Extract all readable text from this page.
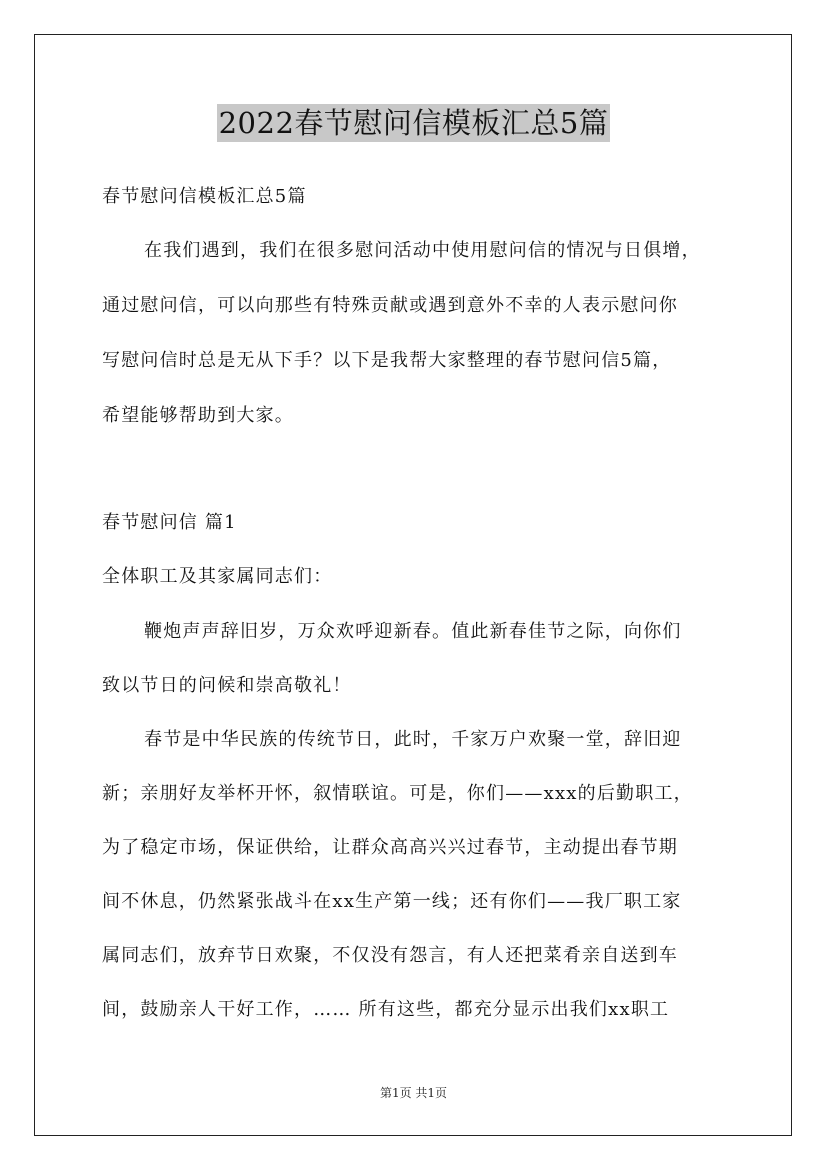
2022春节慰问信模板汇总5篇
春节慰问信模板汇总5篇
在我们遇到，我们在很多慰问活动中使用慰问信的情况与日俱增，
通过慰问信，可以向那些有特殊贡献或遇到意外不幸的人表示慰问你
写慰问信时总是无从下手？以下是我帮大家整理的春节慰问信5篇，
希望能够帮助到大家。
春节慰问信 篇1
全体职工及其家属同志们：
鞭炮声声辞旧岁，万众欢呼迎新春。值此新春佳节之际，向你们
致以节日的问候和崇高敬礼！
春节是中华民族的传统节日，此时，千家万户欢聚一堂，辞旧迎
新；亲朋好友举杯开怀，叙情联谊。可是，你们——xxx的后勤职工，
为了稳定市场，保证供给，让群众高高兴兴过春节，主动提出春节期
间不休息，仍然紧张战斗在xx生产第一线；还有你们——我厂职工家
属同志们，放弃节日欢聚，不仅没有怨言，有人还把菜肴亲自送到车
间，鼓励亲人干好工作，…… 所有这些，都充分显示出我们xx职工
第1页 共1页
